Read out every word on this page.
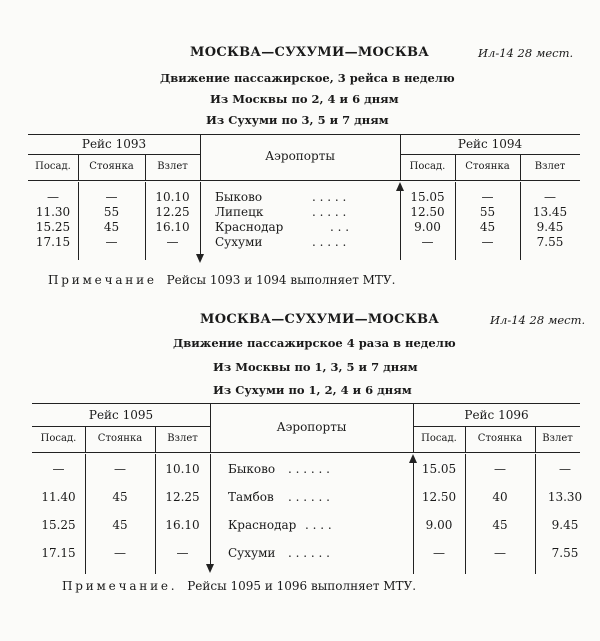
МОСКВА—СУХУМИ—МОСКВА	Ил-14 28 мест.
Движение пассажирское, 3 рейса в неделю
Из Москвы по 2, 4 и 6 дням
Из Сухуми по 3, 5 и 7 дням
Рейс 1093	Рейс 1094
Аэропорты
Посад.	Стоянка	Взлет	Посад.	Стоянка	Взлет
—	—	10.10	Быково	. . . . .	15.05	—	—
11.30	55	12.25	Липецк	. . . . .	12.50	55	13.45
15.25	45	16.10	Краснодар	. . .	9.00	45	9.45
17.15	—	—	Сухуми	. . . . .	—	—	7.55
Примечание Рейсы 1093 и 1094 выполняет МТУ.
МОСКВА—СУХУМИ—МОСКВА	Ил-14 28 мест.
Движение пассажирское 4 раза в неделю
Из Москвы по 1, 3, 5 и 7 дням
Из Сухуми по 1, 2, 4 и 6 дням
Рейс 1095	Рейс 1096
Аэропорты
Посад.	Стоянка	Взлет	Посад.	Стоянка	Взлет
—	—	10.10	Быково . . . . . .	15.05	—	—
11.40	45	12.25	Тамбов . . . . . .	12.50	40	13.30
15.25	45	16.10	Краснодар . . . .	9.00	45	9.45
17.15	—	—	Сухуми . . . . . .	—	—	7.55
Примечание. Рейсы 1095 и 1096 выполняет МТУ.
